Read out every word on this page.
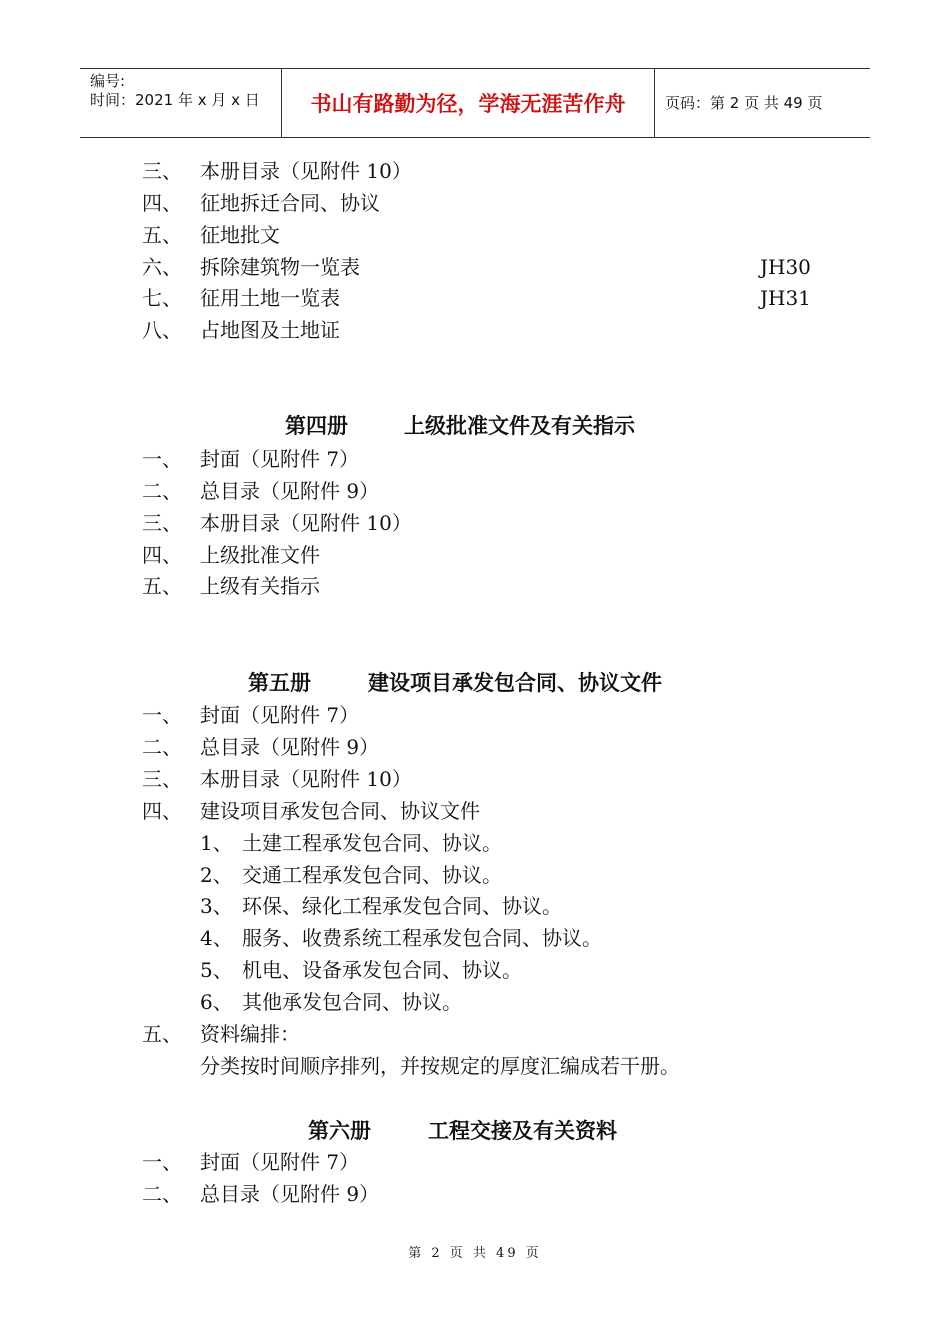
编号:
时间：2021 年 x 月 x 日	书山有路勤为径，学海无涯苦作舟	页码：第 2 页 共 49 页
三、 本册目录（见附件 10）
四、 征地拆迁合同、协议
五、 征地批文
六、 拆除建筑物一览表	JH30
七、 征用土地一览表	JH31
八、 占地图及土地证
第四册	上级批准文件及有关指示
一、 封面（见附件 7）
二、 总目录（见附件 9）
三、 本册目录（见附件 10）
四、 上级批准文件
五、 上级有关指示
第五册	建设项目承发包合同、协议文件
一、 封面（见附件 7）
二、 总目录（见附件 9）
三、 本册目录（见附件 10）
四、 建设项目承发包合同、协议文件
1、 土建工程承发包合同、协议。
2、 交通工程承发包合同、协议。
3、 环保、绿化工程承发包合同、协议。
4、 服务、收费系统工程承发包合同、协议。
5、 机电、设备承发包合同、协议。
6、 其他承发包合同、协议。
五、 资料编排：
分类按时间顺序排列，并按规定的厚度汇编成若干册。
第六册	工程交接及有关资料
一、 封面（见附件 7）
二、 总目录（见附件 9）
第 2 页 共 49 页
